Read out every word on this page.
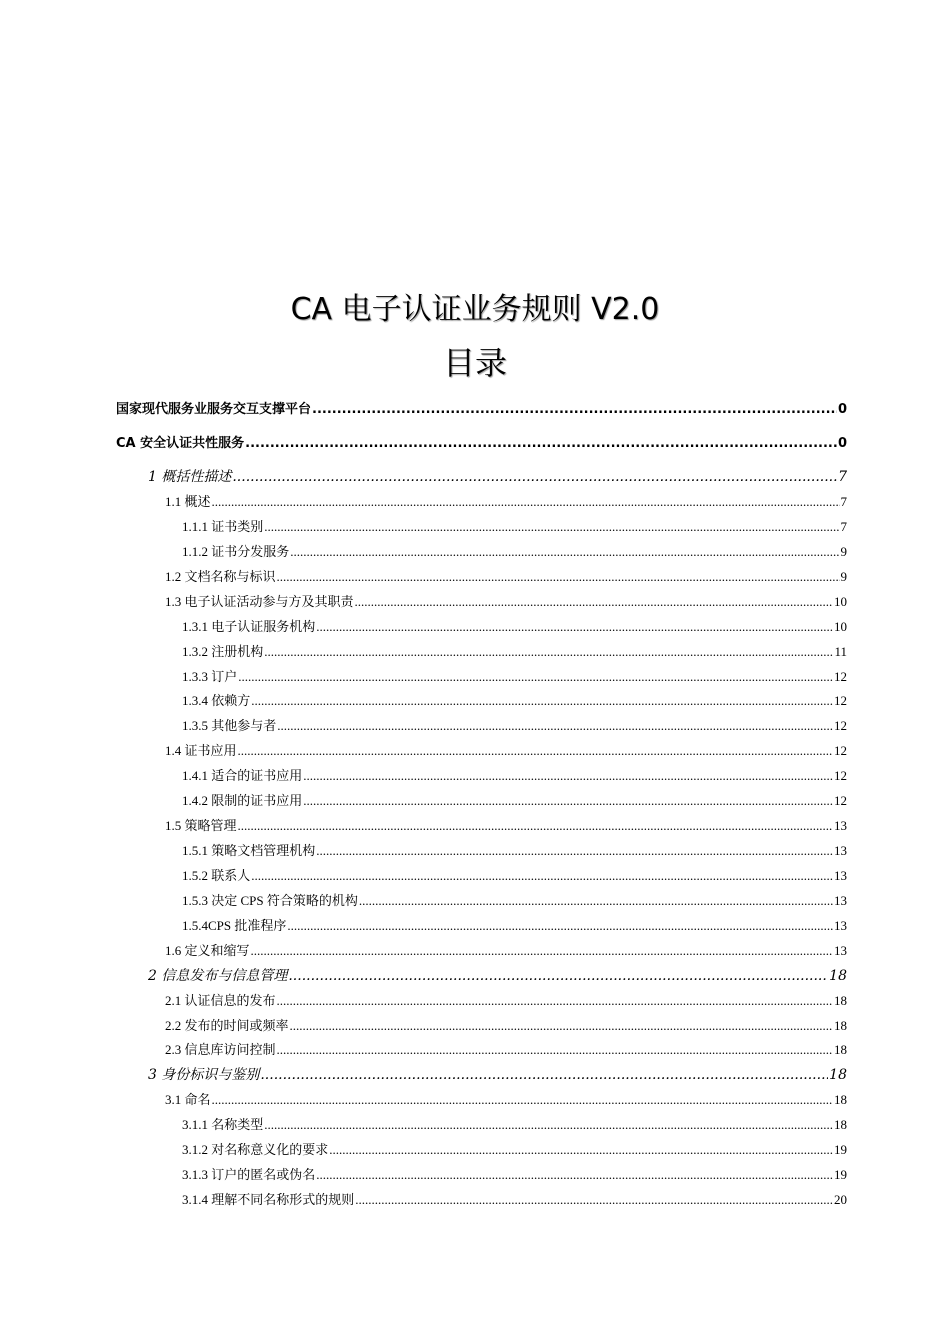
CA 电子认证业务规则 V2.0
目录
国家现代服务业服务交互支撑平台 .....	0
CA 安全认证共性服务 .....	0
1 概括性描述 .....	7
1.1 概述 .....	7
1.1.1 证书类别 .....	7
1.1.2 证书分发服务 .....	9
1.2 文档名称与标识 .....	9
1.3 电子认证活动参与方及其职责 .....	10
1.3.1 电子认证服务机构 .....	10
1.3.2 注册机构 .....	11
1.3.3 订户 .....	12
1.3.4 依赖方 .....	12
1.3.5 其他参与者 .....	12
1.4 证书应用 .....	12
1.4.1 适合的证书应用 .....	12
1.4.2 限制的证书应用 .....	12
1.5 策略管理 .....	13
1.5.1 策略文档管理机构 .....	13
1.5.2 联系人 .....	13
1.5.3 决定 CPS 符合策略的机构 .....	13
1.5.4CPS 批准程序 .....	13
1.6 定义和缩写 .....	13
2 信息发布与信息管理 .....	18
2.1 认证信息的发布 .....	18
2.2 发布的时间或频率 .....	18
2.3 信息库访问控制 .....	18
3 身份标识与鉴别 .....	18
3.1 命名 .....	18
3.1.1 名称类型 .....	18
3.1.2 对名称意义化的要求 .....	19
3.1.3 订户的匿名或伪名 .....	19
3.1.4 理解不同名称形式的规则 .....	20
